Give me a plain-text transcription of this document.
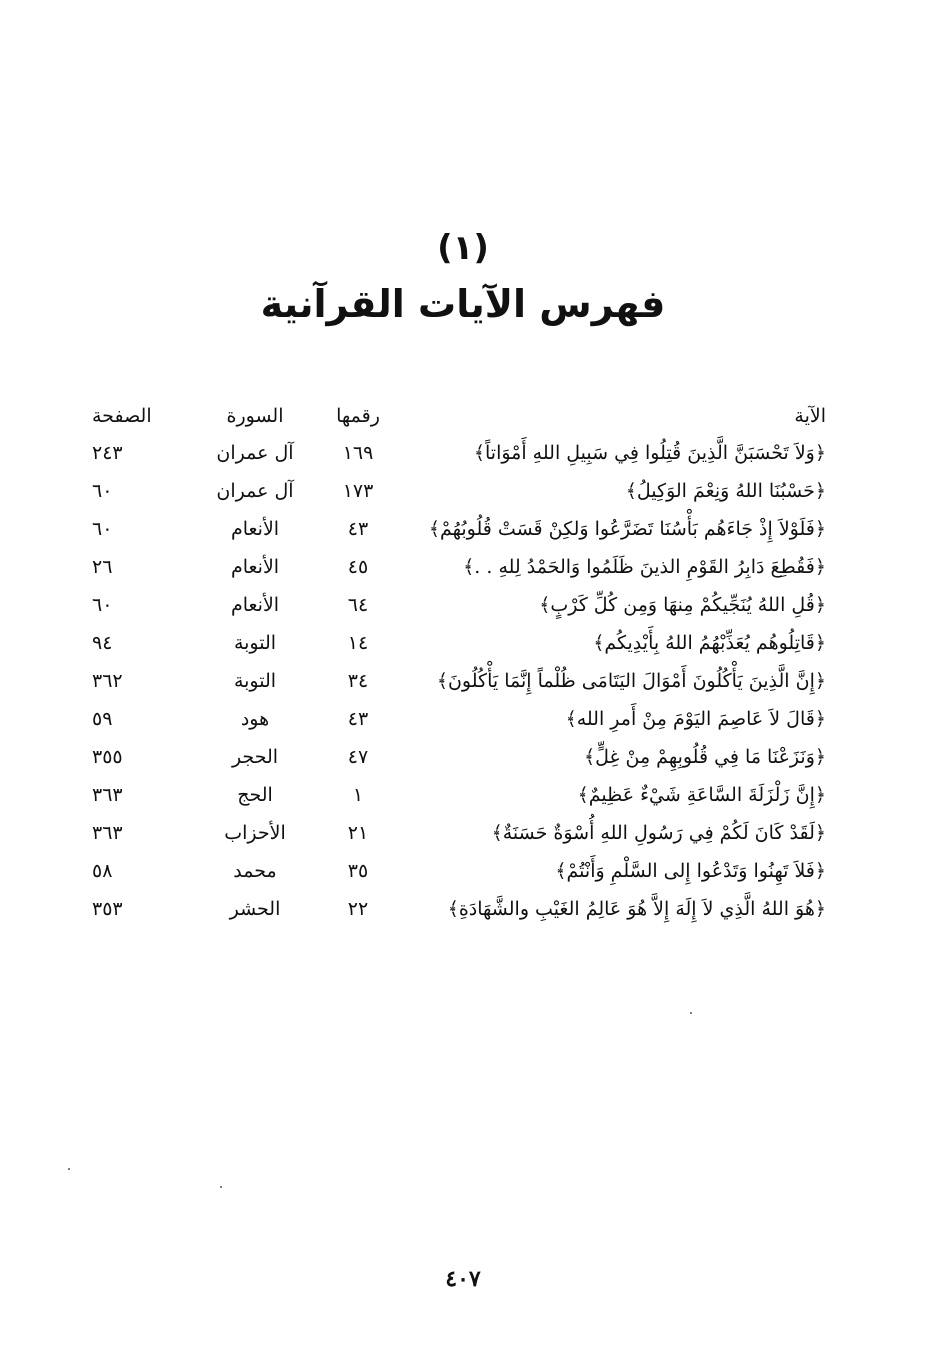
(١)
فهرس الآيات القرآنية
الآية	رقمها	السورة	الصفحة
﴿وَلاَ تَحْسَبَنَّ الَّذِينَ قُتِلُوا فِي سَبِيلِ اللهِ أَمْوَاتاً﴾	١٦٩	آل عمران	٢٤٣
﴿حَسْبُنَا اللهُ وَنِعْمَ الوَكِيلُ﴾	١٧٣	آل عمران	٦٠
﴿فَلَوْلاَ إِذْ جَاءَهُم بَأْسُنَا تَضَرَّعُوا وَلكِنْ قَسَتْ قُلُوبُهُمْ﴾	٤٣	الأنعام	٦٠
﴿فَقُطِعَ دَابِرُ القَوْمِ الذينَ ظَلَمُوا وَالحَمْدُ لِلهِ . .﴾	٤٥	الأنعام	٢٦
﴿قُلِ اللهُ يُنَجِّيكُمْ مِنهَا وَمِن كُلِّ كَرْبٍ﴾	٦٤	الأنعام	٦٠
﴿قَاتِلُوهُم يُعَذِّبْهُمُ اللهُ بِأَيْدِيكُم﴾	١٤	التوبة	٩٤
﴿إِنَّ الَّذِينَ يَأْكُلُونَ أَمْوَالَ اليَتَامَى ظُلْماً إِنَّمَا يَأْكُلُونَ﴾	٣٤	التوبة	٣٦٢
﴿قَالَ لاَ عَاصِمَ اليَوْمَ مِنْ أَمرِ الله﴾	٤٣	هود	٥٩
﴿وَنَزَعْنَا مَا فِي قُلُوبِهِمْ مِنْ غِلٍّ﴾	٤٧	الحجر	٣٥٥
﴿إِنَّ زَلْزَلَةَ السَّاعَةِ شَيْءٌ عَظِيمٌ﴾	١	الحج	٣٦٣
﴿لَقَدْ كَانَ لَكُمْ فِي رَسُولِ اللهِ أُسْوَةٌ حَسَنَةٌ﴾	٢١	الأحزاب	٣٦٣
﴿فَلاَ تَهِنُوا وَتَدْعُوا إِلى السَّلْمِ وَأَنْتُمْ﴾	٣٥	محمد	٥٨
﴿هُوَ اللهُ الَّذِي لاَ إِلَهَ إِلاَّ هُوَ عَالِمُ الغَيْبِ والشَّهَادَةِ﴾	٢٢	الحشر	٣٥٣
٤٠٧
